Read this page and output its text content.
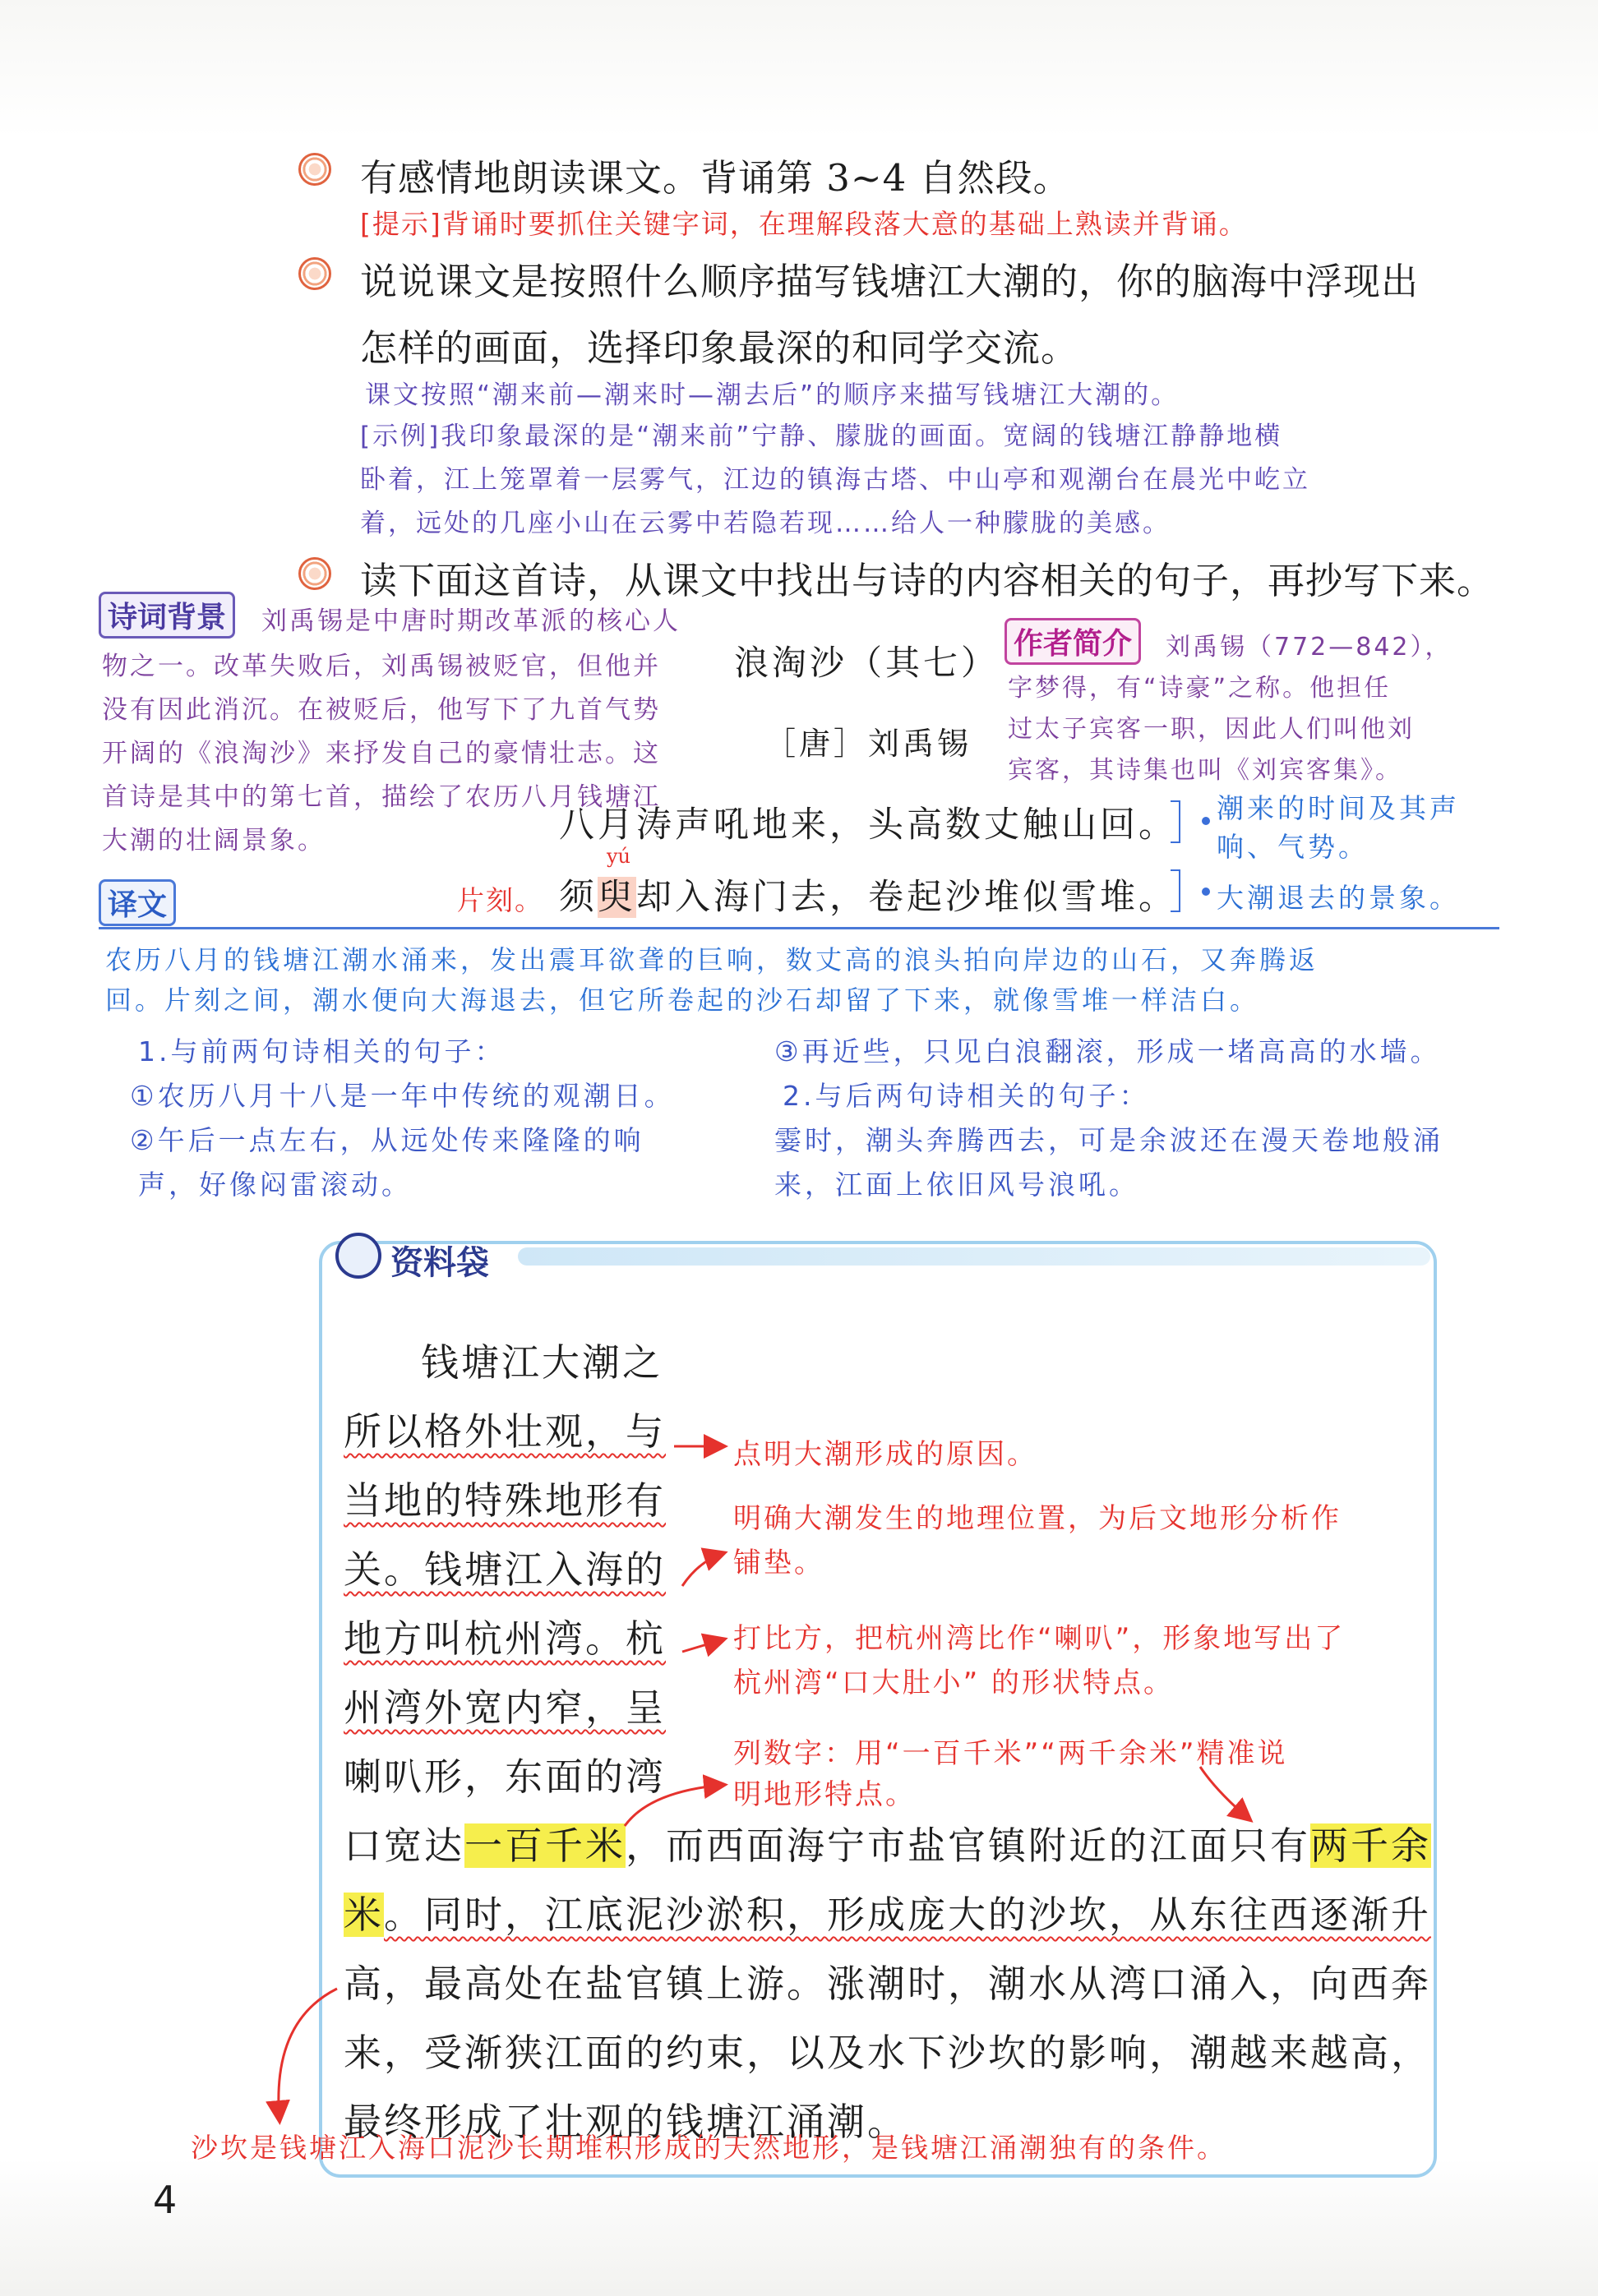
有感情地朗读课文。背诵第 3~4 自然段。
[提示]背诵时要抓住关键字词，在理解段落大意的基础上熟读并背诵。
说说课文是按照什么顺序描写钱塘江大潮的，你的脑海中浮现出
怎样的画面，选择印象最深的和同学交流。
课文按照“潮来前—潮来时—潮去后”的顺序来描写钱塘江大潮的。
[示例]我印象最深的是“潮来前”宁静、朦胧的画面。宽阔的钱塘江静静地横
卧着，江上笼罩着一层雾气，江边的镇海古塔、中山亭和观潮台在晨光中屹立
着，远处的几座小山在云雾中若隐若现……给人一种朦胧的美感。
读下面这首诗，从课文中找出与诗的内容相关的句子，再抄写下来。
诗词背景	刘禹锡是中唐时期改革派的核心人
物之一。改革失败后，刘禹锡被贬官，但他并
没有因此消沉。在被贬后，他写下了九首气势
开阔的《浪淘沙》来抒发自己的豪情壮志。这
首诗是其中的第七首，描绘了农历八月钱塘江
大潮的壮阔景象。
浪淘沙（其七）
［唐］刘禹锡
作者简介	刘禹锡（772—842），
字梦得，有“诗豪”之称。他担任
过太子宾客一职，因此人们叫他刘
宾客，其诗集也叫《刘宾客集》。
八月涛声吼地来，头高数丈触山回。
yú
片刻。 须臾却入海门去，卷起沙堆似雪堆。
潮来的时间及其声
响、气势。
大潮退去的景象。
译文
农历八月的钱塘江潮水涌来，发出震耳欲聋的巨响，数丈高的浪头拍向岸边的山石，又奔腾返
回。片刻之间，潮水便向大海退去，但它所卷起的沙石却留了下来，就像雪堆一样洁白。
1.与前两句诗相关的句子：
①农历八月十八是一年中传统的观潮日。
②午后一点左右，从远处传来隆隆的响
声，好像闷雷滚动。
③再近些，只见白浪翻滚，形成一堵高高的水墙。
2.与后两句诗相关的句子：
霎时，潮头奔腾西去，可是余波还在漫天卷地般涌
来，江面上依旧风号浪吼。
资料袋
钱塘江大潮之
所以格外壮观，与
当地的特殊地形有
关。钱塘江入海的
地方叫杭州湾。杭
州湾外宽内窄，呈
喇叭形，东面的湾
口宽达一百千米，而西面海宁市盐官镇附近的江面只有两千余
米。同时，江底泥沙淤积，形成庞大的沙坎，从东往西逐渐升
高，最高处在盐官镇上游。涨潮时，潮水从湾口涌入，向西奔
来，受渐狭江面的约束，以及水下沙坎的影响，潮越来越高，
最终形成了壮观的钱塘江涌潮。
点明大潮形成的原因。
明确大潮发生的地理位置，为后文地形分析作
铺垫。
打比方，把杭州湾比作“喇叭”，形象地写出了
杭州湾“口大肚小” 的形状特点。
列数字：用“一百千米”“两千余米”精准说
明地形特点。
沙坎是钱塘江入海口泥沙长期堆积形成的天然地形，是钱塘江涌潮独有的条件。
4
